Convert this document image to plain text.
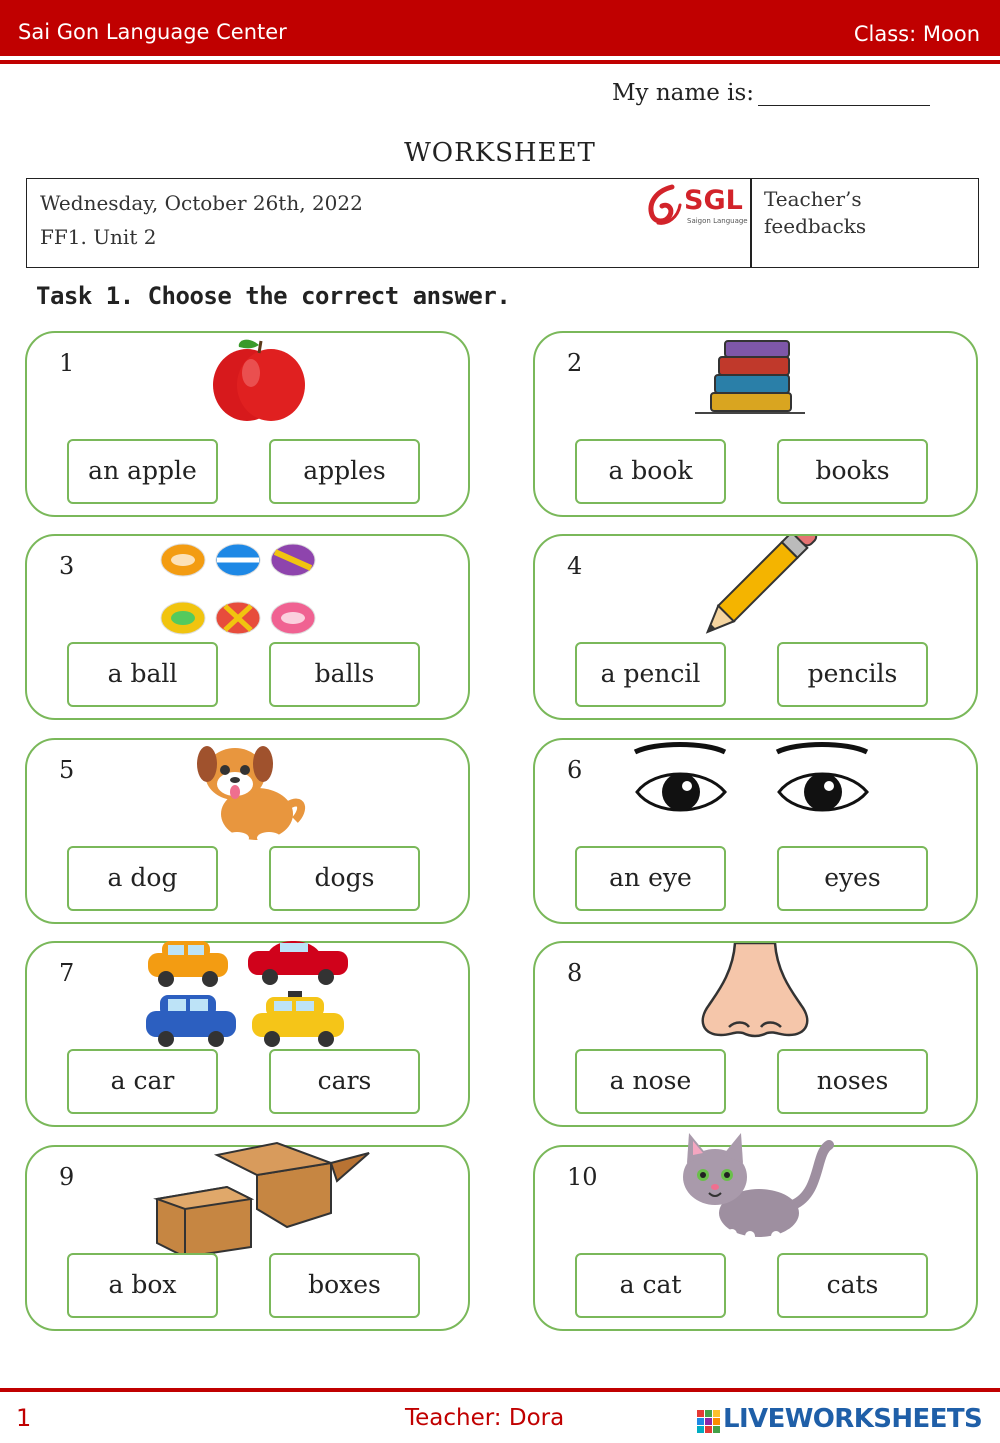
Sai Gon Language Center	Class: Moon
My name is:
WORKSHEET
Wednesday, October 26th, 2022
FF1. Unit 2
SGL
Saigon Language
Teacher’s feedbacks
Task 1. Choose the correct answer.
1
an apple	apples
2
a book	books
3
a ball	balls
4
a pencil	pencils
5
a dog	dogs
6
an eye	eyes
7
a car	cars
8
a nose	noses
9
a box	boxes
10
a cat	cats
1	Teacher: Dora	LIVEWORKSHEETS
